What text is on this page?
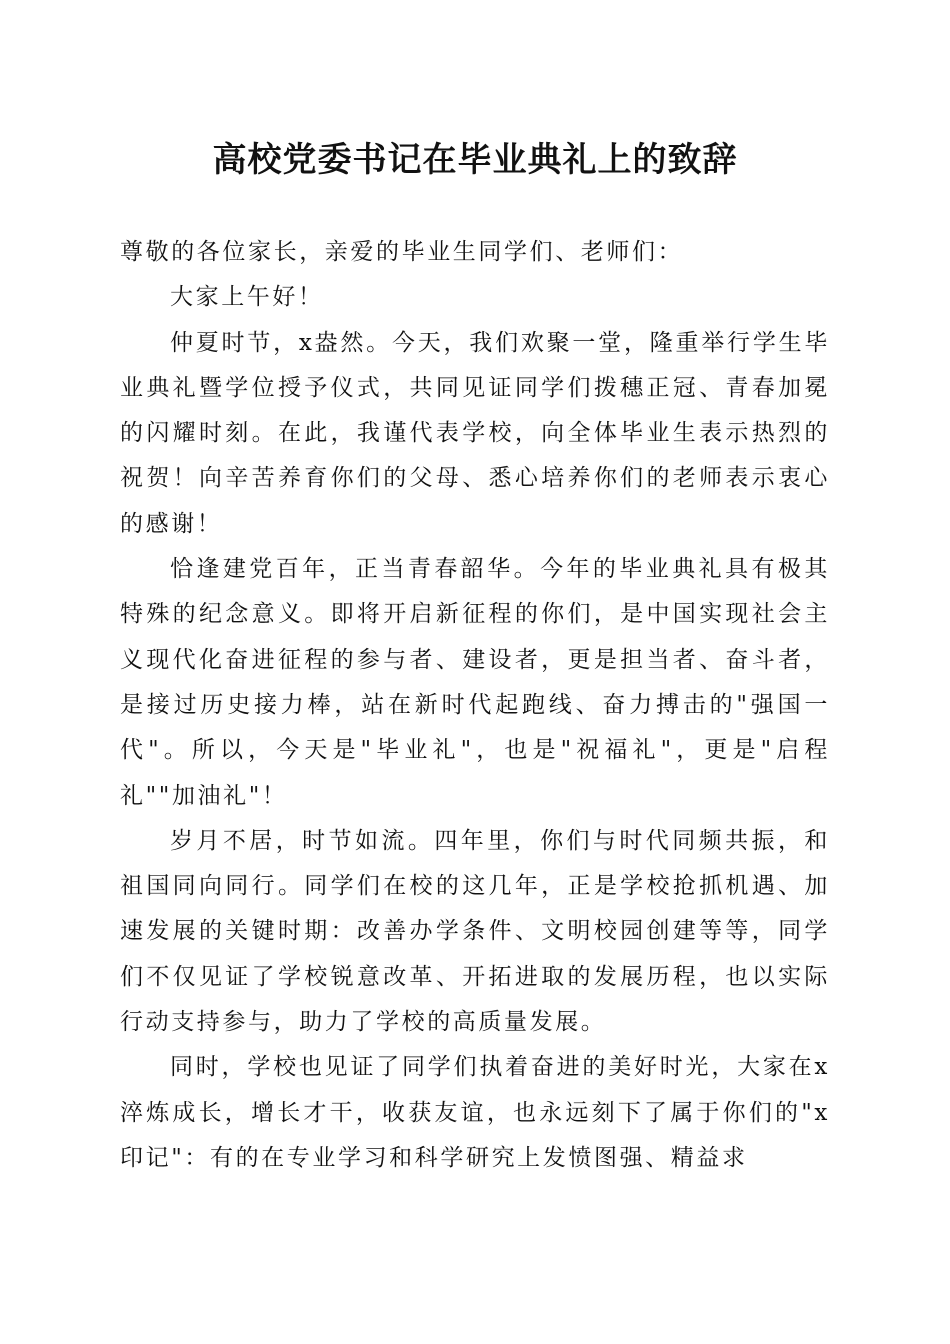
高校党委书记在毕业典礼上的致辞

尊敬的各位家长，亲爱的毕业生同学们、老师们：

大家上午好！

仲夏时节，x盎然。今天，我们欢聚一堂，隆重举行学生毕业典礼暨学位授予仪式，共同见证同学们拨穗正冠、青春加冕的闪耀时刻。在此，我谨代表学校，向全体毕业生表示热烈的祝贺！向辛苦养育你们的父母、悉心培养你们的老师表示衷心的感谢！

恰逢建党百年，正当青春韶华。今年的毕业典礼具有极其特殊的纪念意义。即将开启新征程的你们，是中国实现社会主义现代化奋进征程的参与者、建设者，更是担当者、奋斗者，是接过历史接力棒，站在新时代起跑线、奋力搏击的"强国一代"。所以，今天是"毕业礼"，也是"祝福礼"，更是"启程礼""加油礼"！

岁月不居，时节如流。四年里，你们与时代同频共振，和祖国同向同行。同学们在校的这几年，正是学校抢抓机遇、加速发展的关键时期：改善办学条件、文明校园创建等等，同学们不仅见证了学校锐意改革、开拓进取的发展历程，也以实际行动支持参与，助力了学校的高质量发展。

同时，学校也见证了同学们执着奋进的美好时光，大家在x淬炼成长，增长才干，收获友谊，也永远刻下了属于你们的"x印记"：有的在专业学习和科学研究上发愤图强、精益求
